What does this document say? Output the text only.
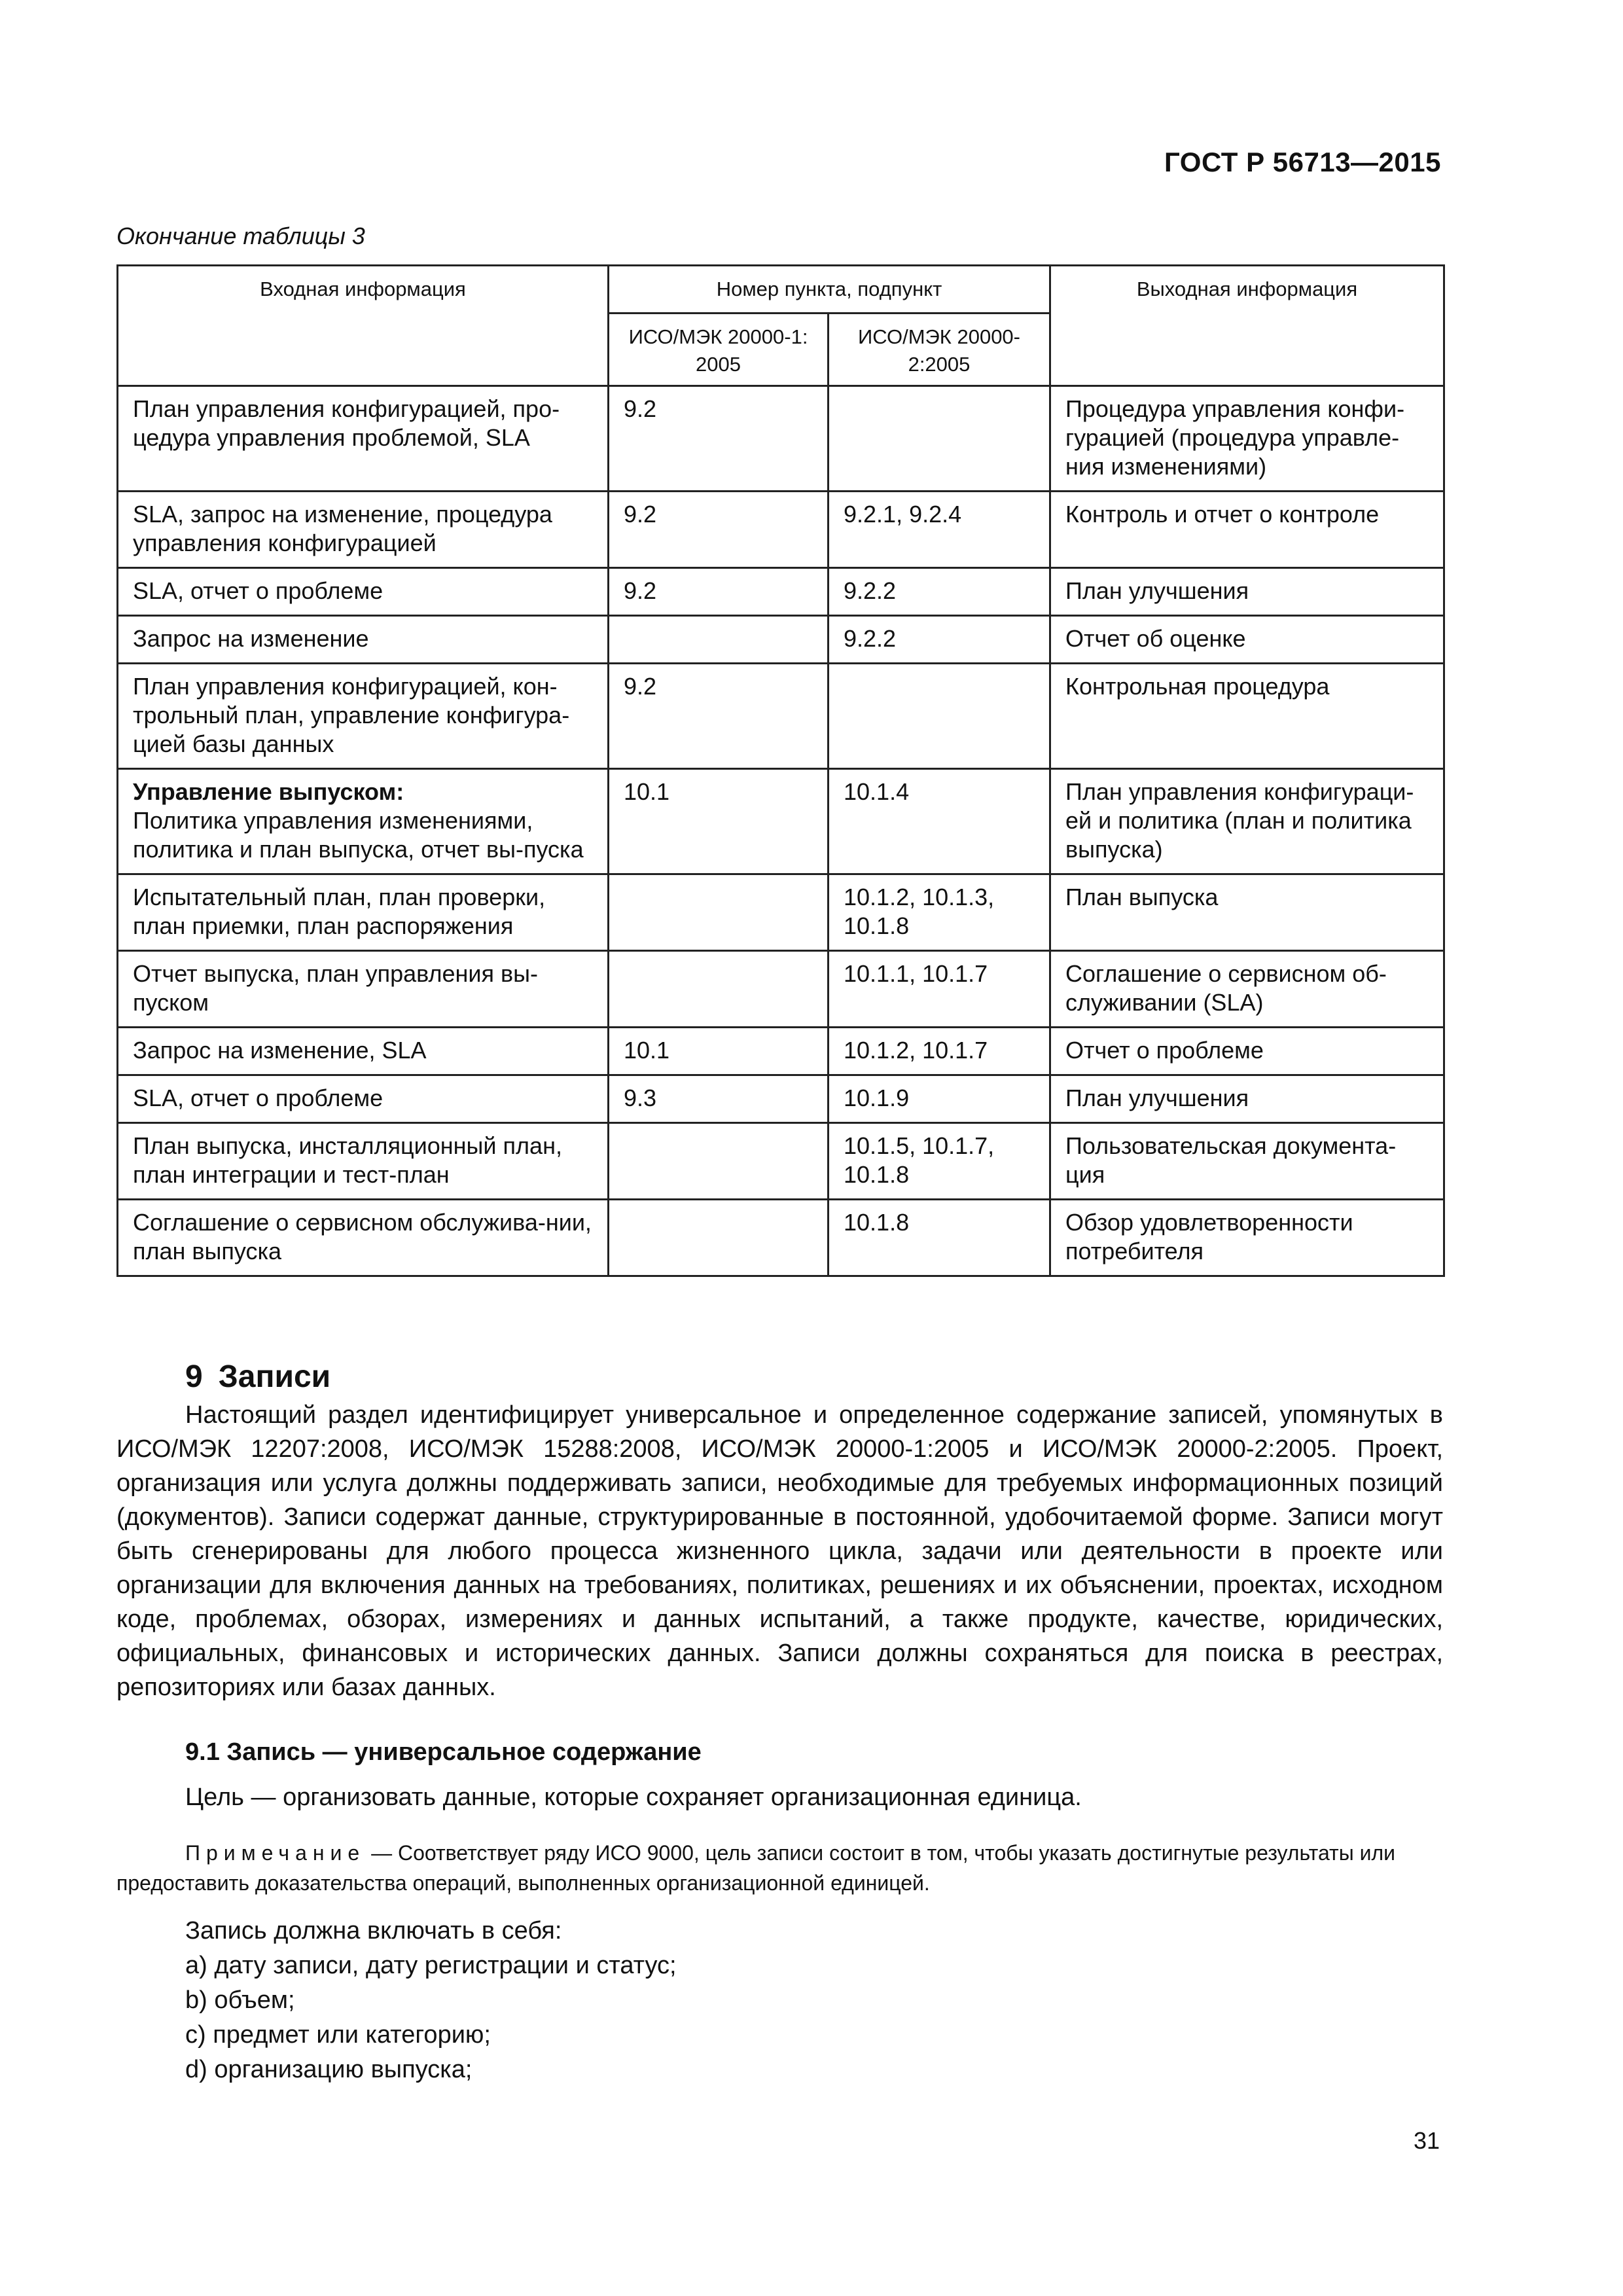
ГОСТ Р 56713—2015
Окончание таблицы 3
Входная информация	Номер пункта, подпункт		Выходная информация
	ИСО/МЭК 20000-1: 2005	ИСО/МЭК 20000-2:2005	
План управления конфигурацией, про-цедура управления проблемой, SLA	9.2		Процедура управления конфи-гурацией (процедура управле-ния изменениями)
SLA, запрос на изменение, процедура управления конфигурацией	9.2	9.2.1, 9.2.4	Контроль и отчет о контроле
SLA, отчет о проблеме	9.2	9.2.2	План улучшения
Запрос на изменение		9.2.2	Отчет об оценке
План управления конфигурацией, кон-трольный план, управление конфигура-цией базы данных	9.2		Контрольная процедура

Управление выпуском:
Политика управления изменениями, политика и план выпуска, отчет вы-пуска	10.1	10.1.4	План управления конфигураци-ей и политика (план и политика выпуска)
Испытательный план, план проверки, план приемки, план распоряжения		10.1.2, 10.1.3, 10.1.8	План выпуска
Отчет выпуска, план управления вы-пуском		10.1.1, 10.1.7	Соглашение о сервисном об-служивании (SLA)
Запрос на изменение, SLA	10.1	10.1.2, 10.1.7	Отчет о проблеме
SLA, отчет о проблеме	9.3	10.1.9	План улучшения
План выпуска, инсталляционный план, план интеграции и тест-план		10.1.5, 10.1.7, 10.1.8	Пользовательская документа-ция
Соглашение о сервисном обслужива-нии, план выпуска		10.1.8	Обзор удовлетворенности потребителя
9 Записи
Настоящий раздел идентифицирует универсальное и определенное содержание записей, упомянутых в ИСО/МЭК 12207:2008, ИСО/МЭК 15288:2008, ИСО/МЭК 20000-1:2005 и ИСО/МЭК 20000-2:2005. Проект, организация или услуга должны поддерживать записи, необходимые для требуемых информационных позиций (документов). Записи содержат данные, структурированные в постоянной, удобочитаемой форме. Записи могут быть сгенерированы для любого процесса жизненного цикла, задачи или деятельности в проекте или организации для включения данных на требованиях, политиках, решениях и их объяснении, проектах, исходном коде, проблемах, обзорах, измерениях и данных испытаний, а также продукте, качестве, юридических, официальных, финансовых и исторических данных. Записи должны сохраняться для поиска в реестрах, репозиториях или базах данных.
9.1 Запись — универсальное содержание
Цель — организовать данные, которые сохраняет организационная единица.
Примечание — Соответствует ряду ИСО 9000, цель записи состоит в том, чтобы указать достигнутые результаты или предоставить доказательства операций, выполненных организационной единицей.
Запись должна включать в себя:
a) дату записи, дату регистрации и статус;
b) объем;
c) предмет или категорию;
d) организацию выпуска;
31
